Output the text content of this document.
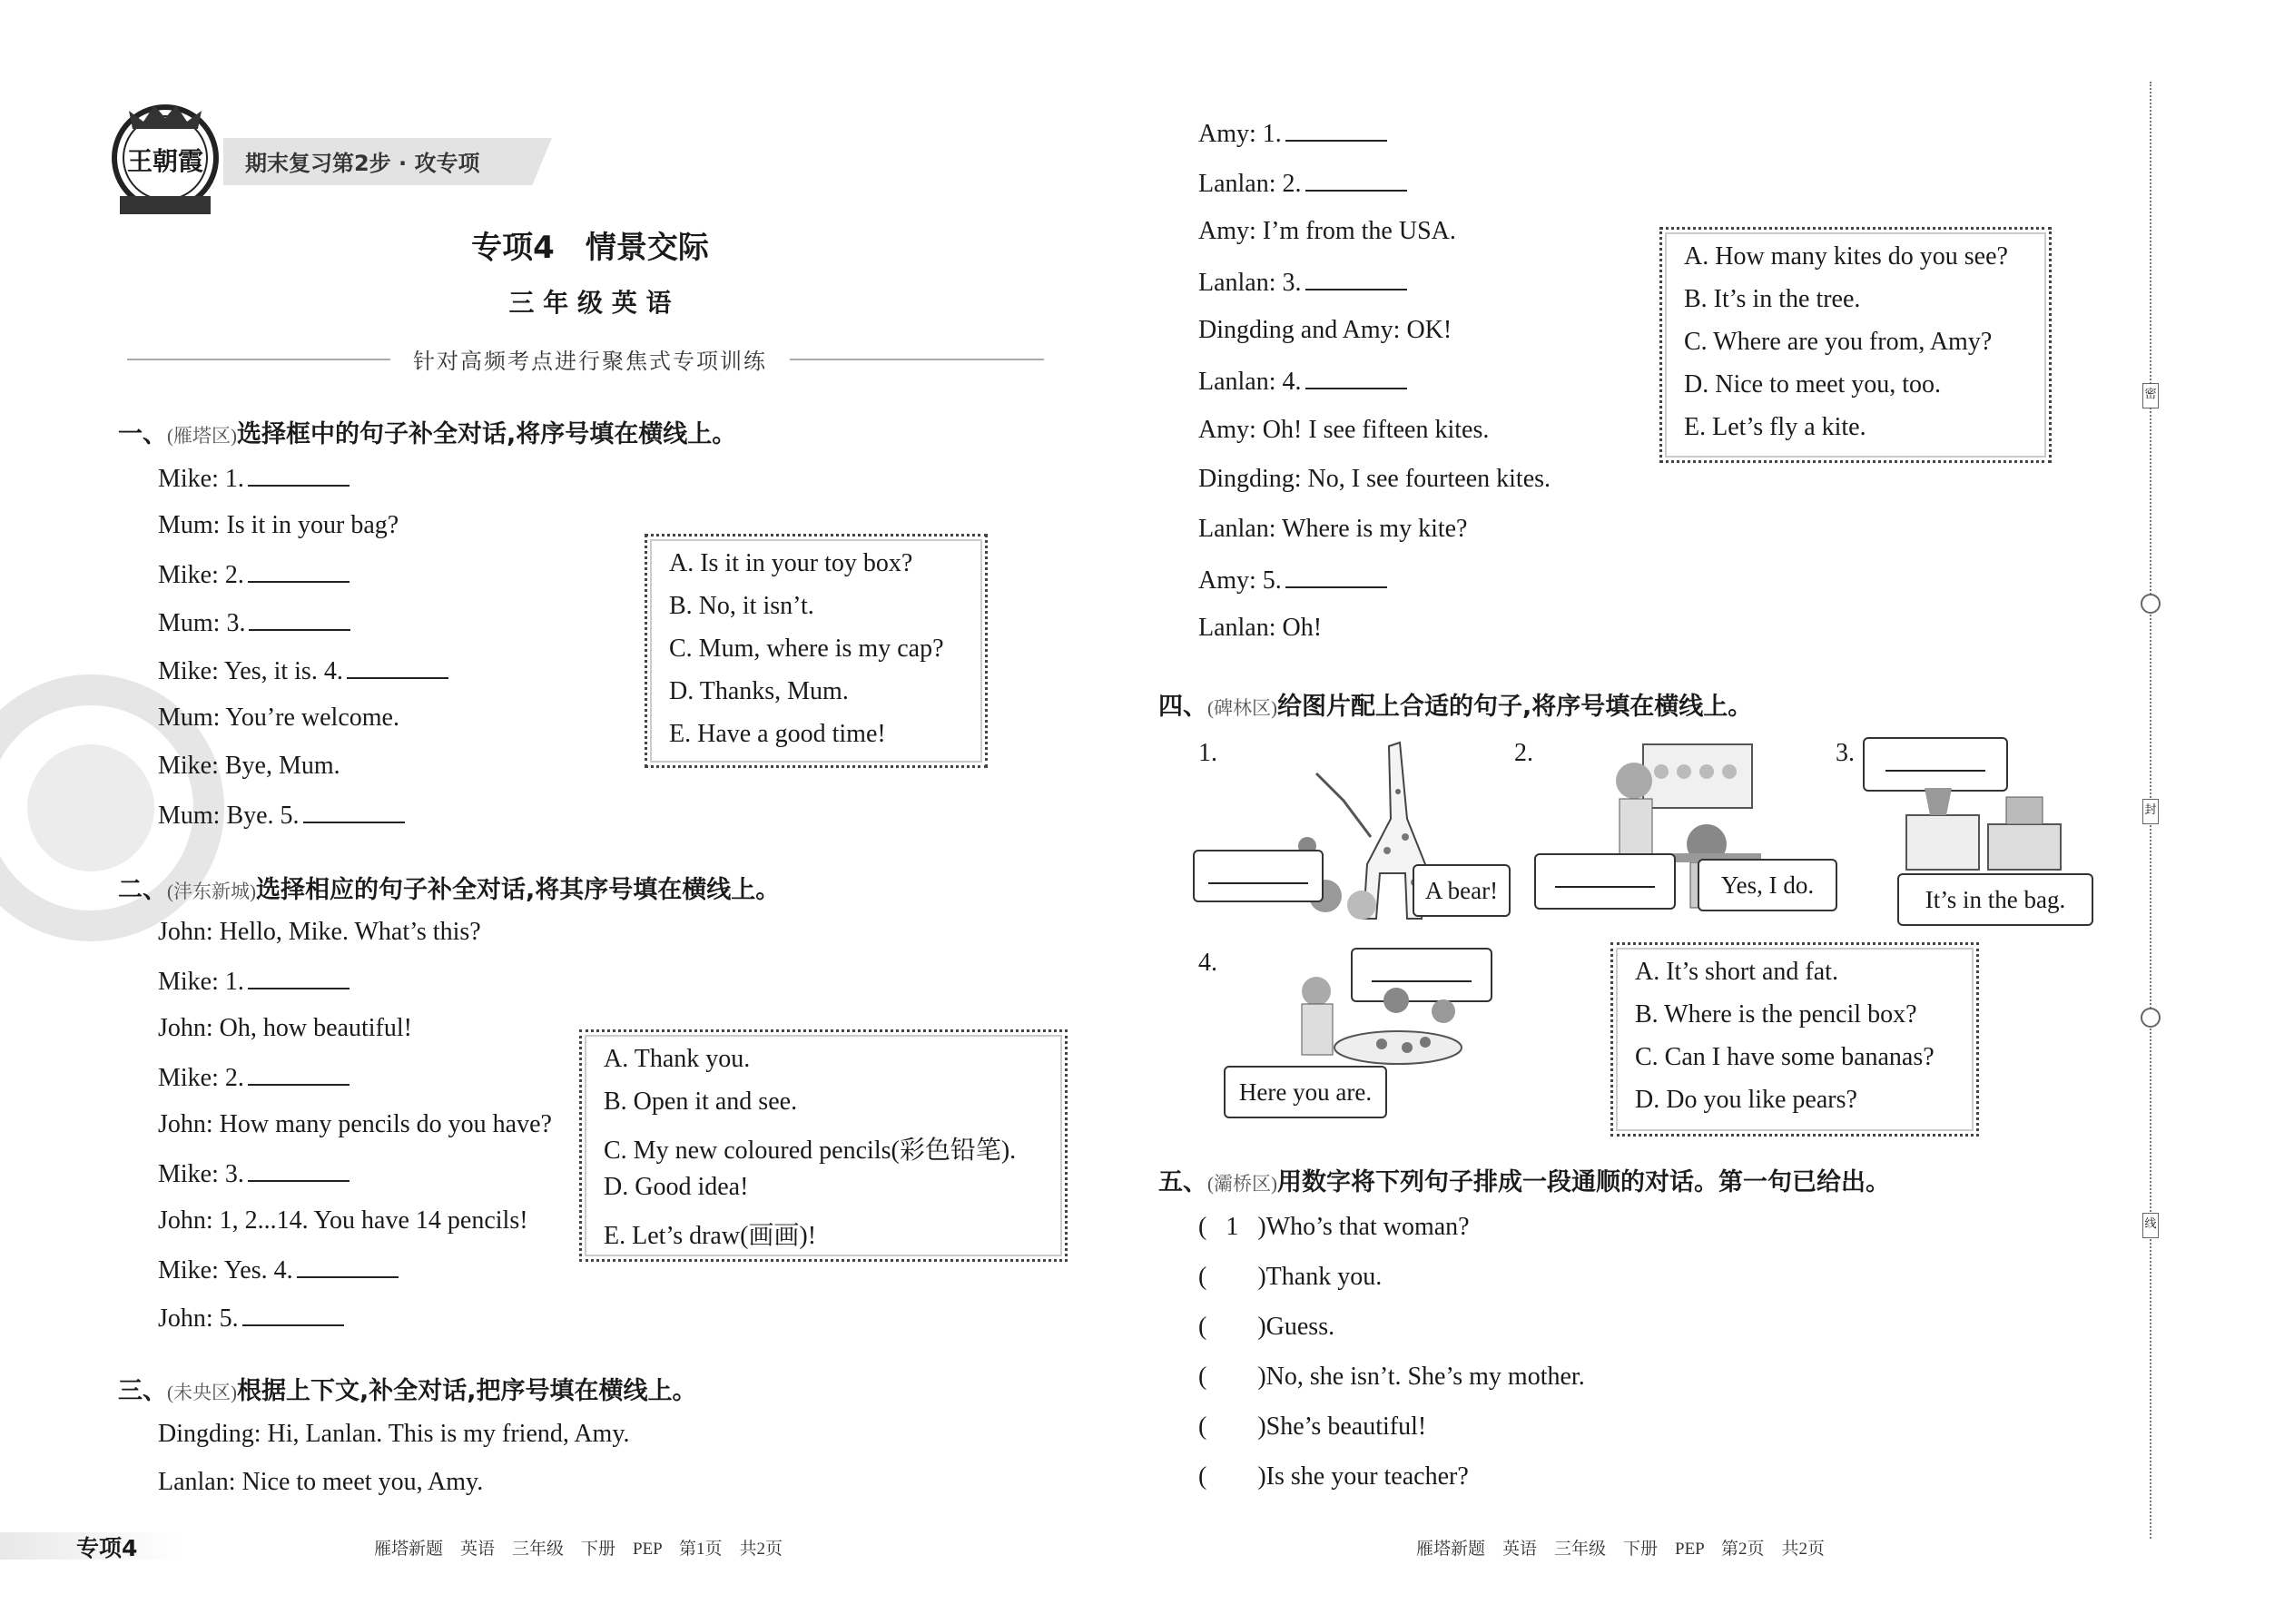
王朝霞	期末复习第2步 · 攻专项
专项4　情景交际
三 年 级 英 语
针对高频考点进行聚焦式专项训练
一、(雁塔区)选择框中的句子补全对话,将序号填在横线上。
Mike: 1.
Mum: Is it in your bag?
Mike: 2.
Mum: 3.
Mike: Yes, it is. 4.
Mum: You’re welcome.
Mike: Bye, Mum.
Mum: Bye. 5.
A. Is it in your toy box?
B. No, it isn’t.
C. Mum, where is my cap?
D. Thanks, Mum.
E. Have a good time!
二、(沣东新城)选择相应的句子补全对话,将其序号填在横线上。
John: Hello, Mike. What’s this?
Mike: 1.
John: Oh, how beautiful!
Mike: 2.
John: How many pencils do you have?
Mike: 3.
John: 1, 2...14. You have 14 pencils!
Mike: Yes. 4.
John: 5.
A. Thank you.
B. Open it and see.
C. My new coloured pencils(彩色铅笔).
D. Good idea!
E. Let’s draw(画画)!
三、(未央区)根据上下文,补全对话,把序号填在横线上。
Dingding: Hi, Lanlan. This is my friend, Amy.
Lanlan: Nice to meet you, Amy.
Amy: 1.
Lanlan: 2.
Amy: I’m from the USA.
Lanlan: 3.
Dingding and Amy: OK!
Lanlan: 4.
Amy: Oh! I see fifteen kites.
Dingding: No, I see fourteen kites.
Lanlan: Where is my kite?
Amy: 5.
Lanlan: Oh!
A. How many kites do you see?
B. It’s in the tree.
C. Where are you from, Amy?
D. Nice to meet you, too.
E. Let’s fly a kite.
四、(碑林区)给图片配上合适的句子,将序号填在横线上。
1.
A bear!
2.
Yes, I do.
3.
It’s in the bag.
4.
Here you are.
A. It’s short and fat.
B. Where is the pencil box?
C. Can I have some bananas?
D. Do you like pears?
五、(灞桥区)用数字将下列句子排成一段通顺的对话。第一句已给出。
( 1 )Who’s that woman?
( )Thank you.
( )Guess.
( )No, she isn’t. She’s my mother.
( )She’s beautiful!
( )Is she your teacher?
专项4	雁塔新题　英语　三年级　下册　PEP　第1页　共2页	雁塔新题　英语　三年级　下册　PEP　第2页　共2页
密
封
线
